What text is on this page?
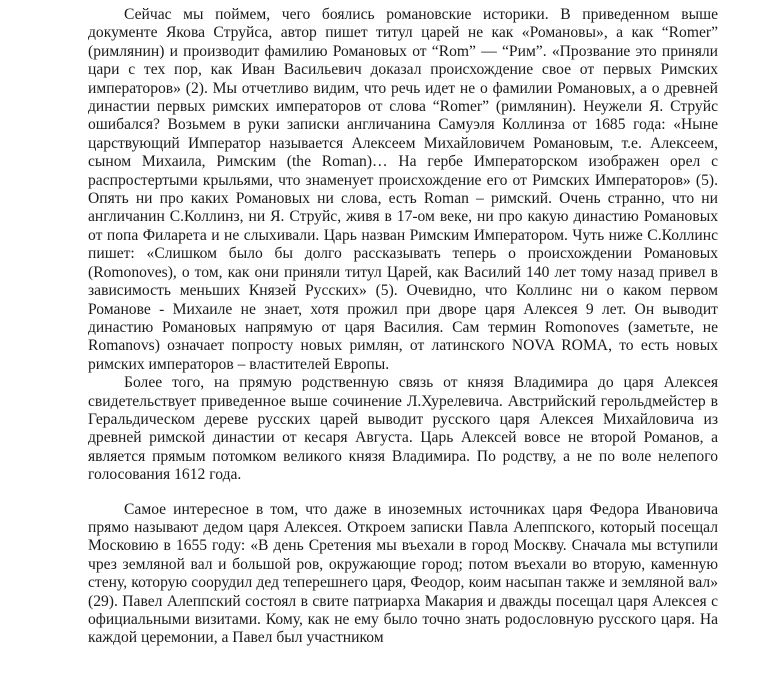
Сейчас мы поймем, чего боялись романовские историки. В приведенном выше документе Якова Струйса, автор пишет титул царей не как «Романовы», а как “Romer” (римлянин) и производит фамилию Романовых от “Rom” — “Рим”. «Прозвание это приняли цари с тех пор, как Иван Васильевич доказал происхождение свое от первых Римских императоров» (2). Мы отчетливо видим, что речь идет не о фамилии Романовых, а о древней династии первых римских императоров от слова “Romer” (римлянин). Неужели Я. Струйс ошибался? Возьмем в руки записки англичанина Самуэля Коллинза от 1685 года: «Ныне царствующий Император называется Алексеем Михайловичем Романовым, т.е. Алексеем, сыном Михаила, Римским (the Roman)… На гербе Императорском изображен орел с распростертыми крыльями, что знаменует происхождение его от Римских Императоров» (5). Опять ни про каких Романовых ни слова, есть Roman – римский. Очень странно, что ни англичанин С.Коллинз, ни Я. Струйс, живя в 17-ом веке, ни про какую династию Романовых от попа Филарета и не слыхивали. Царь назван Римским Императором. Чуть ниже С.Коллинс пишет: «Слишком было бы долго рассказывать теперь о происхождении Романовых (Romonoves), о том, как они приняли титул Царей, как Василий 140 лет тому назад привел в зависимость меньших Князей Русских» (5). Очевидно, что Коллинс ни о каком первом Романове - Михаиле не знает, хотя прожил при дворе царя Алексея 9 лет. Он выводит династию Романовых напрямую от царя Василия. Сам термин Romonoves (заметьте, не Romanovs) означает попросту новых римлян, от латинского NOVA ROMA, то есть новых римских императоров – властителей Европы.

Более того, на прямую родственную связь от князя Владимира до царя Алексея свидетельствует приведенное выше сочинение Л.Хурелевича. Австрийский герольдмейстер в Геральдическом дереве русских царей выводит русского царя Алексея Михайловича из древней римской династии от кесаря Августа. Царь Алексей вовсе не второй Романов, а является прямым потомком великого князя Владимира. По родству, а не по воле нелепого голосования 1612 года.

Самое интересное в том, что даже в иноземных источниках царя Федора Ивановича прямо называют дедом царя Алексея. Откроем записки Павла Алеппского, который посещал Московию в 1655 году: «В день Сретения мы въехали в город Москву. Сначала мы вступили чрез земляной вал и большой ров, окружающие город; потом въехали во вторую, каменную стену, которую соорудил дед теперешнего царя, Феодор, коим насыпан также и земляной вал» (29). Павел Алеппский состоял в свите патриарха Макария и дважды посещал царя Алексея с официальными визитами. Кому, как не ему было точно знать родословную русского царя. На каждой церемонии, а Павел был участником
